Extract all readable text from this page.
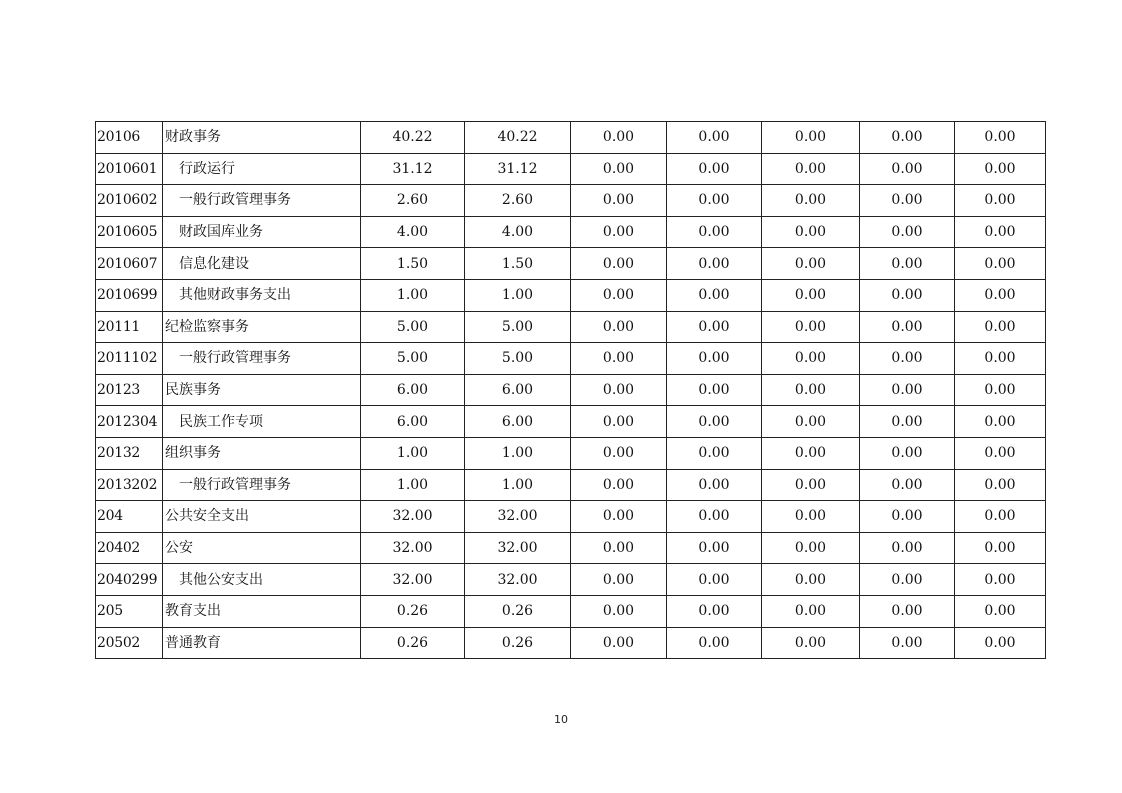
20106	财政事务	40.22	40.22	0.00	0.00	0.00	0.00	0.00
2010601	行政运行	31.12	31.12	0.00	0.00	0.00	0.00	0.00
2010602	一般行政管理事务	2.60	2.60	0.00	0.00	0.00	0.00	0.00
2010605	财政国库业务	4.00	4.00	0.00	0.00	0.00	0.00	0.00
2010607	信息化建设	1.50	1.50	0.00	0.00	0.00	0.00	0.00
2010699	其他财政事务支出	1.00	1.00	0.00	0.00	0.00	0.00	0.00
20111	纪检监察事务	5.00	5.00	0.00	0.00	0.00	0.00	0.00
2011102	一般行政管理事务	5.00	5.00	0.00	0.00	0.00	0.00	0.00
20123	民族事务	6.00	6.00	0.00	0.00	0.00	0.00	0.00
2012304	民族工作专项	6.00	6.00	0.00	0.00	0.00	0.00	0.00
20132	组织事务	1.00	1.00	0.00	0.00	0.00	0.00	0.00
2013202	一般行政管理事务	1.00	1.00	0.00	0.00	0.00	0.00	0.00
204	公共安全支出	32.00	32.00	0.00	0.00	0.00	0.00	0.00
20402	公安	32.00	32.00	0.00	0.00	0.00	0.00	0.00
2040299	其他公安支出	32.00	32.00	0.00	0.00	0.00	0.00	0.00
205	教育支出	0.26	0.26	0.00	0.00	0.00	0.00	0.00
20502	普通教育	0.26	0.26	0.00	0.00	0.00	0.00	0.00
10
